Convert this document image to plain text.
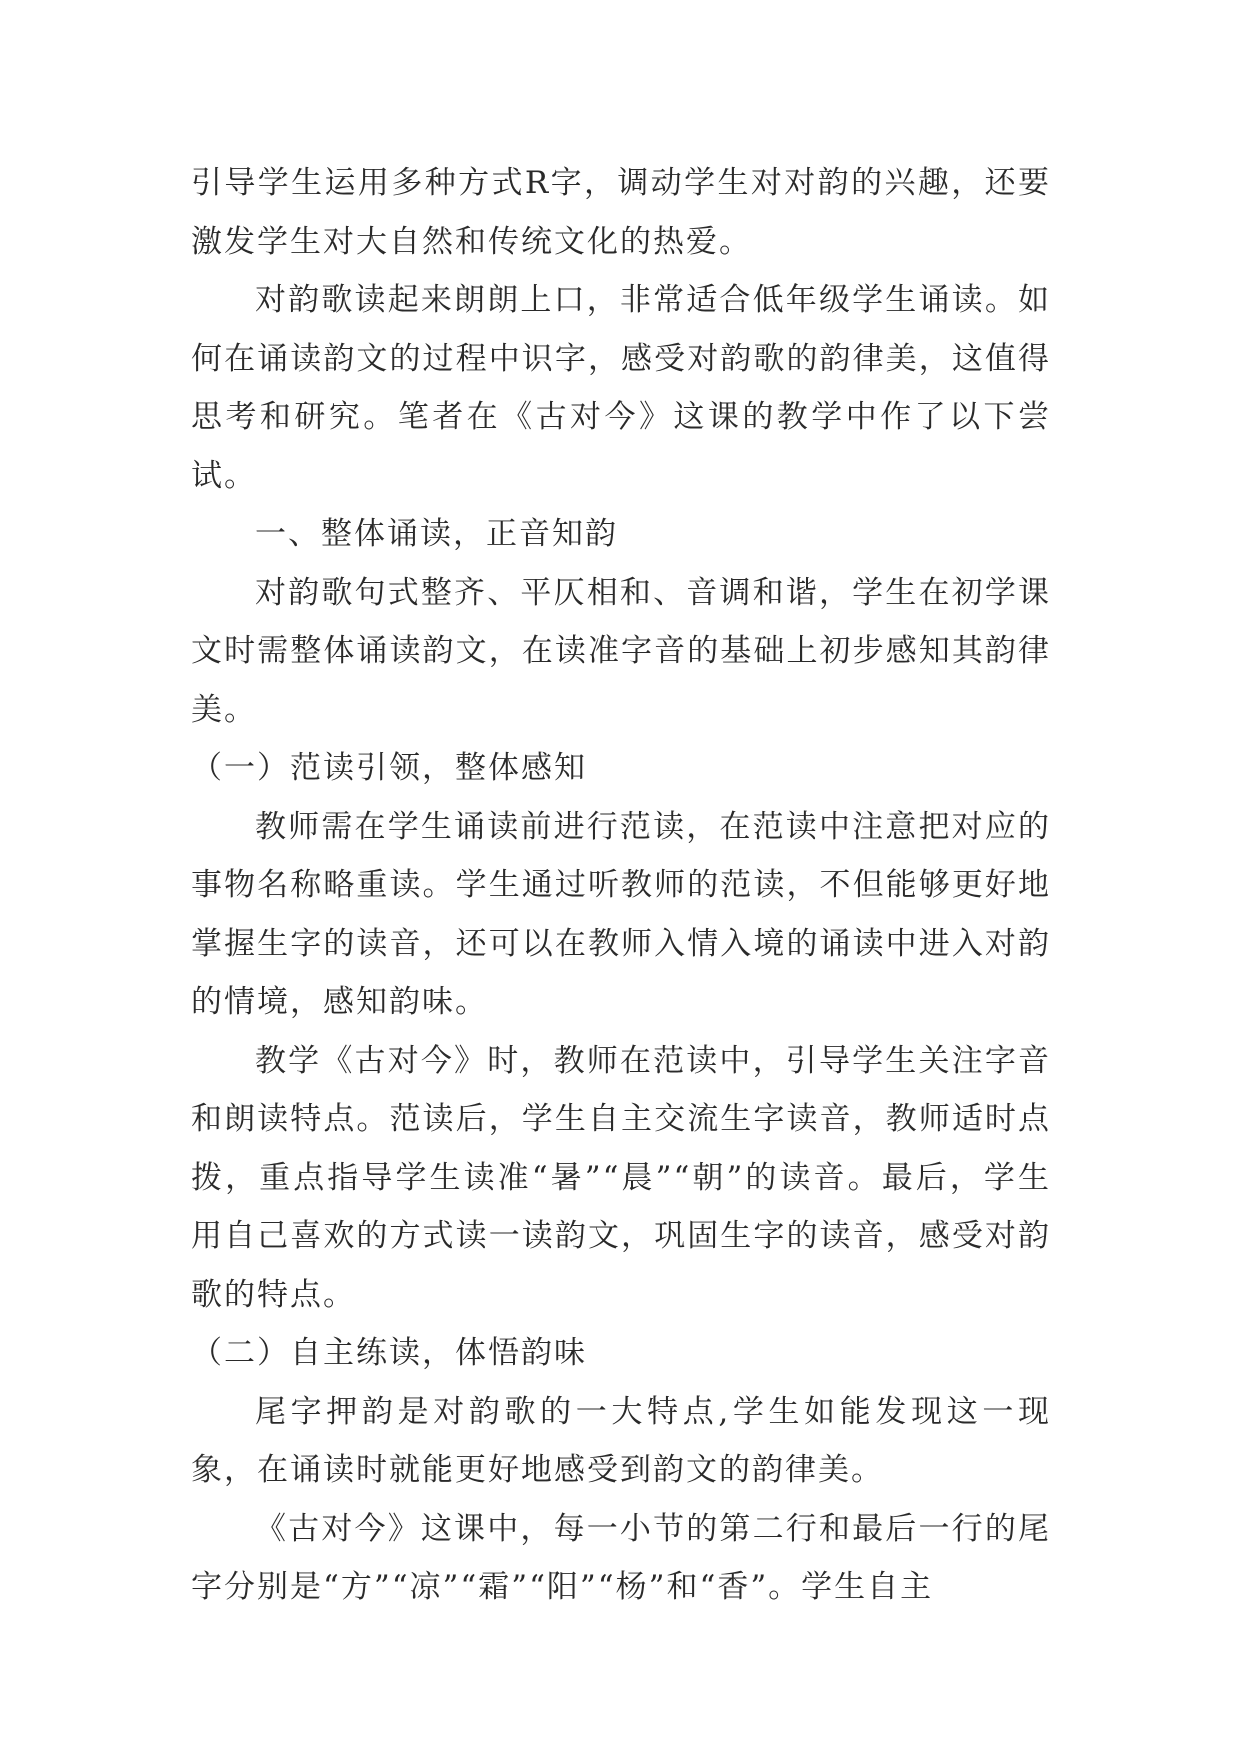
引导学生运用多种方式R字，调动学生对对韵的兴趣，还要激发学生对大自然和传统文化的热爱。

对韵歌读起来朗朗上口，非常适合低年级学生诵读。如何在诵读韵文的过程中识字，感受对韵歌的韵律美，这值得思考和研究。笔者在《古对今》这课的教学中作了以下尝试。

一、整体诵读，正音知韵

对韵歌句式整齐、平仄相和、音调和谐，学生在初学课文时需整体诵读韵文，在读准字音的基础上初步感知其韵律美。

（一）范读引领，整体感知

教师需在学生诵读前进行范读，在范读中注意把对应的事物名称略重读。学生通过听教师的范读，不但能够更好地掌握生字的读音，还可以在教师入情入境的诵读中进入对韵的情境，感知韵味。

教学《古对今》时，教师在范读中，引导学生关注字音和朗读特点。范读后，学生自主交流生字读音，教师适时点拨，重点指导学生读准“暑”“晨”“朝”的读音。最后，学生用自己喜欢的方式读一读韵文，巩固生字的读音，感受对韵歌的特点。

（二）自主练读，体悟韵味

尾字押韵是对韵歌的一大特点,学生如能发现这一现象，在诵读时就能更好地感受到韵文的韵律美。

《古对今》这课中，每一小节的第二行和最后一行的尾字分别是“方”“凉”“霜”“阳”“杨”和“香”。学生自主
